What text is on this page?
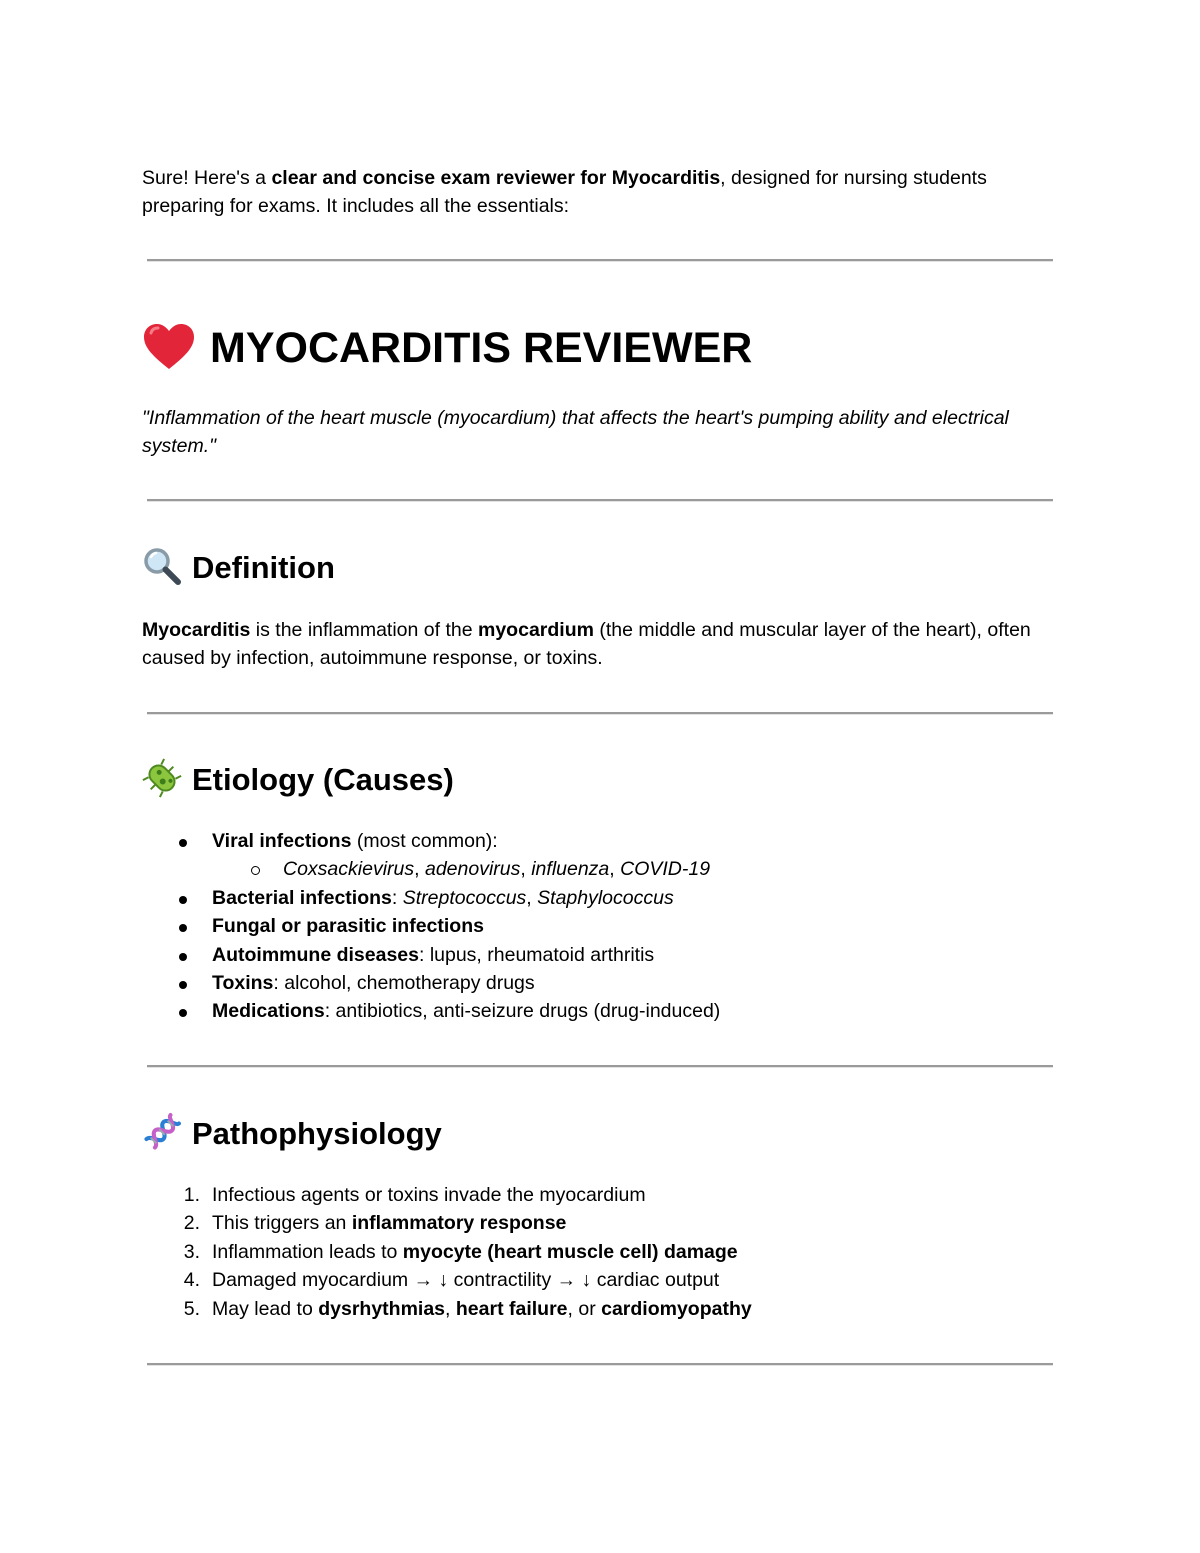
Sure! Here's a clear and concise exam reviewer for Myocarditis, designed for nursing students preparing for exams. It includes all the essentials:

MYOCARDITIS REVIEWER

"Inflammation of the heart muscle (myocardium) that affects the heart's pumping ability and electrical system."

Definition

Myocarditis is the inflammation of the myocardium (the middle and muscular layer of the heart), often caused by infection, autoimmune response, or toxins.

Etiology (Causes)
Viral infections (most common):
Coxsackievirus, adenovirus, influenza, COVID-19
Bacterial infections: Streptococcus, Staphylococcus
Fungal or parasitic infections
Autoimmune diseases: lupus, rheumatoid arthritis
Toxins: alcohol, chemotherapy drugs
Medications: antibiotics, anti-seizure drugs (drug-induced)
Pathophysiology
1. Infectious agents or toxins invade the myocardium
2. This triggers an inflammatory response
3. Inflammation leads to myocyte (heart muscle cell) damage
4. Damaged myocardium → ↓ contractility → ↓ cardiac output
5. May lead to dysrhythmias, heart failure, or cardiomyopathy
